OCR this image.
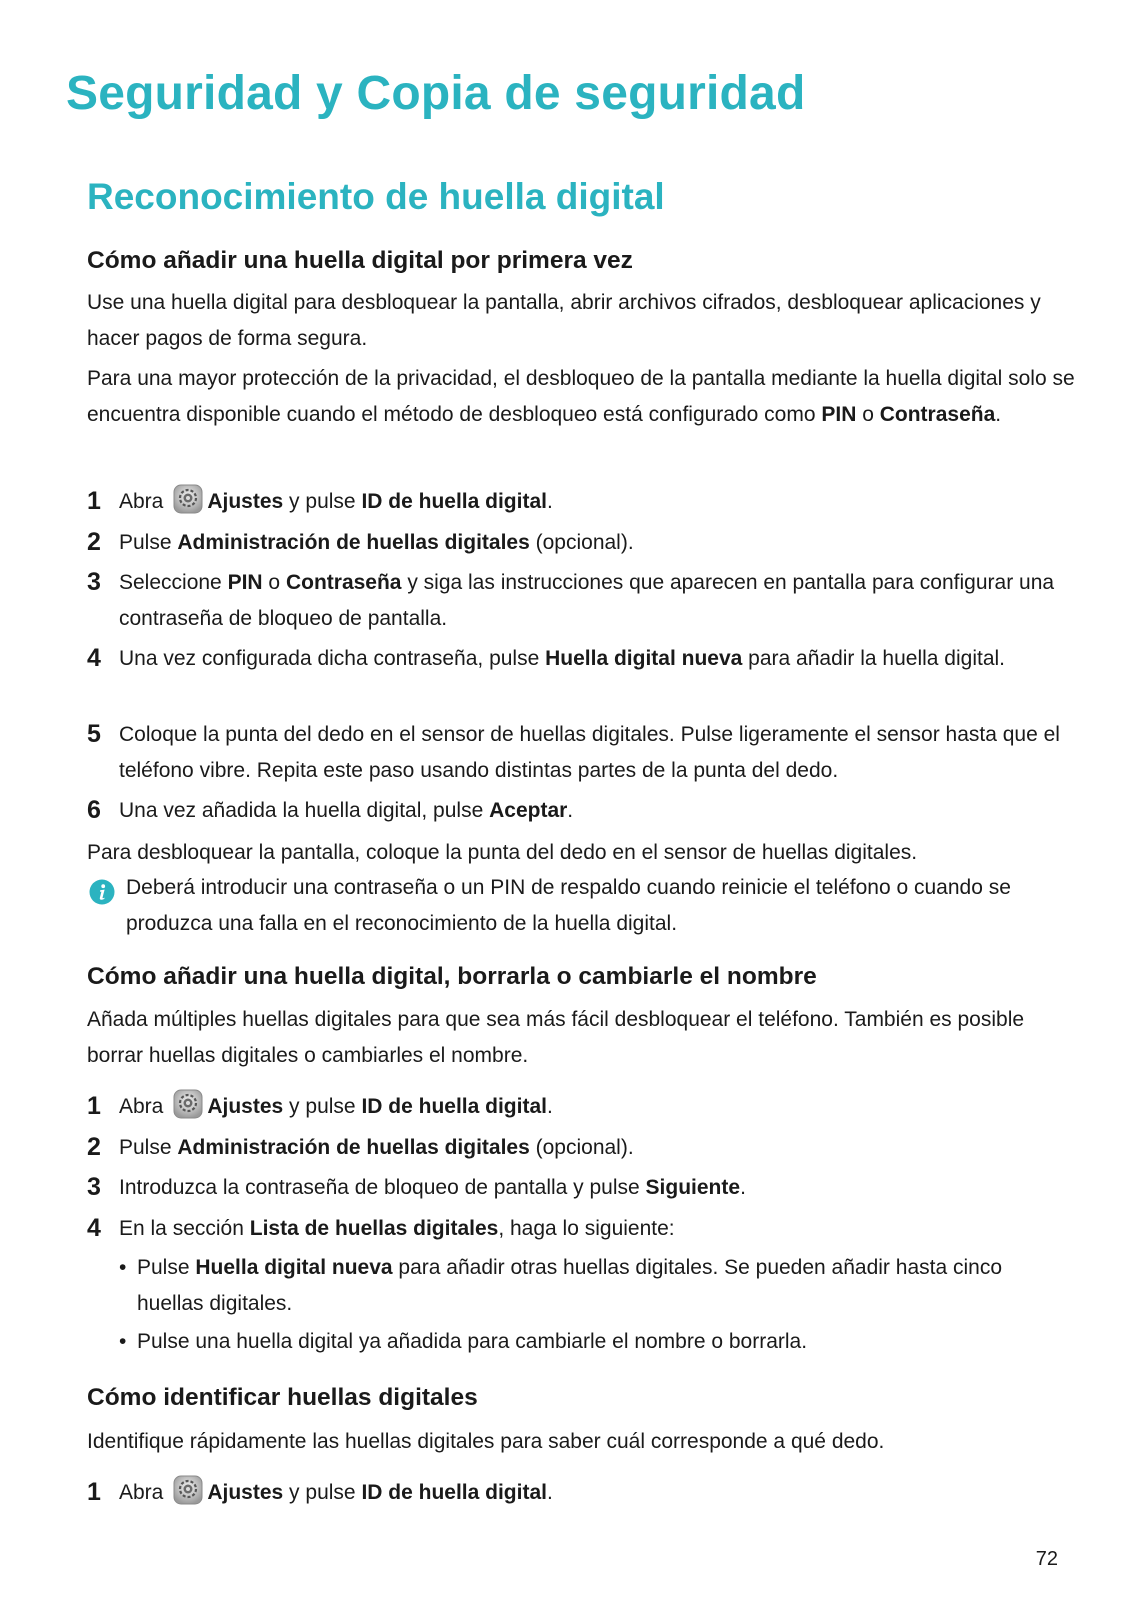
Seguridad y Copia de seguridad
Reconocimiento de huella digital
Cómo añadir una huella digital por primera vez

Use una huella digital para desbloquear la pantalla, abrir archivos cifrados, desbloquear aplicaciones y hacer pagos de forma segura.

Para una mayor protección de la privacidad, el desbloqueo de la pantalla mediante la huella digital solo se encuentra disponible cuando el método de desbloqueo está configurado como PIN o Contraseña.

1 Abra Ajustes y pulse ID de huella digital.
2 Pulse Administración de huellas digitales (opcional).
3 Seleccione PIN o Contraseña y siga las instrucciones que aparecen en pantalla para configurar una contraseña de bloqueo de pantalla.
4 Una vez configurada dicha contraseña, pulse Huella digital nueva para añadir la huella digital.
5 Coloque la punta del dedo en el sensor de huellas digitales. Pulse ligeramente el sensor hasta que el teléfono vibre. Repita este paso usando distintas partes de la punta del dedo.
6 Una vez añadida la huella digital, pulse Aceptar.

Para desbloquear la pantalla, coloque la punta del dedo en el sensor de huellas digitales.

Deberá introducir una contraseña o un PIN de respaldo cuando reinicie el teléfono o cuando se produzca una falla en el reconocimiento de la huella digital.
Cómo añadir una huella digital, borrarla o cambiarle el nombre

Añada múltiples huellas digitales para que sea más fácil desbloquear el teléfono. También es posible borrar huellas digitales o cambiarles el nombre.

1 Abra Ajustes y pulse ID de huella digital.
2 Pulse Administración de huellas digitales (opcional).
3 Introduzca la contraseña de bloqueo de pantalla y pulse Siguiente.
4 En la sección Lista de huellas digitales, haga lo siguiente:
• Pulse Huella digital nueva para añadir otras huellas digitales. Se pueden añadir hasta cinco huellas digitales.
• Pulse una huella digital ya añadida para cambiarle el nombre o borrarla.
Cómo identificar huellas digitales

Identifique rápidamente las huellas digitales para saber cuál corresponde a qué dedo.

1 Abra Ajustes y pulse ID de huella digital.
72
